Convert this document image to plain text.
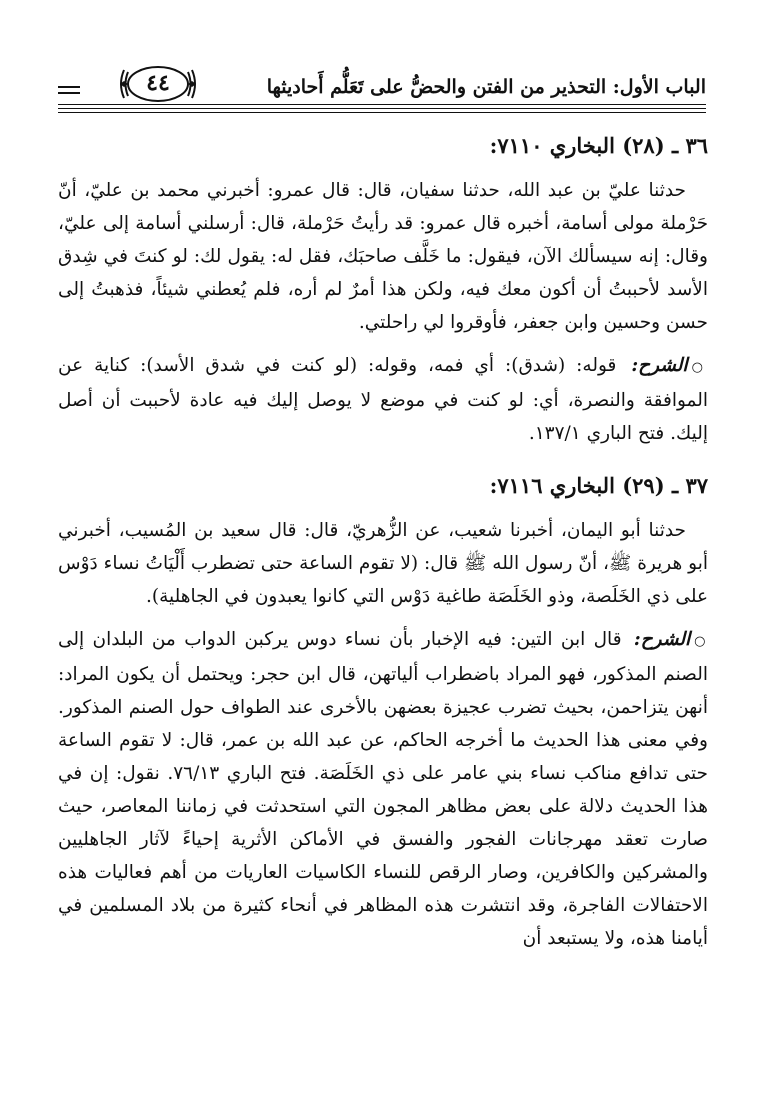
الباب الأول: التحذير من الفتن والحضُّ على تَعَلُّم أَحاديثها
٤٤
٣٦ ـ (٢٨) البخاري ٧١١٠:

حدثنا عليّ بن عبد الله، حدثنا سفيان، قال: قال عمرو: أخبرني محمد بن عليّ، أنّ حَرْملة مولى أسامة، أخبره قال عمرو: قد رأيتُ حَرْملة، قال: أرسلني أسامة إلى عليّ، وقال: إنه سيسألك الآن، فيقول: ما خَلَّف صاحبَك، فقل له: يقول لك: لو كنتَ في شِدق الأسد لأحببتُ أن أكون معك فيه، ولكن هذا أمرٌ لم أره، فلم يُعطني شيئاً، فذهبتُ إلى حسن وحسين وابن جعفر، فأوقروا لي راحلتي.

○الشرح: قوله: (شدق): أي فمه، وقوله: (لو كنت في شدق الأسد): كناية عن الموافقة والنصرة، أي: لو كنت في موضع لا يوصل إليك فيه عادة لأحببت أن أصل إليك. فتح الباري ١٣٧/١.

٣٧ ـ (٢٩) البخاري ٧١١٦:

حدثنا أبو اليمان، أخبرنا شعيب، عن الزُّهريّ، قال: قال سعيد بن المُسيب، أخبرني أبو هريرة ﷺ، أنّ رسول الله ﷺ قال: (لا تقوم الساعة حتى تضطرب أَلْيَاتُ نساء دَوْس على ذي الخَلَصة، وذو الخَلَصَة طاغية دَوْس التي كانوا يعبدون في الجاهلية).

○الشرح: قال ابن التين: فيه الإخبار بأن نساء دوس يركبن الدواب من البلدان إلى الصنم المذكور، فهو المراد باضطراب ألياتهن، قال ابن حجر: ويحتمل أن يكون المراد: أنهن يتزاحمن، بحيث تضرب عجيزة بعضهن بالأخرى عند الطواف حول الصنم المذكور. وفي معنى هذا الحديث ما أخرجه الحاكم، عن عبد الله بن عمر، قال: لا تقوم الساعة حتى تدافع مناكب نساء بني عامر على ذي الخَلَصَة. فتح الباري ٧٦/١٣. نقول: إن في هذا الحديث دلالة على بعض مظاهر المجون التي استحدثت في زماننا المعاصر، حيث صارت تعقد مهرجانات الفجور والفسق في الأماكن الأثرية إحياءً لآثار الجاهليين والمشركين والكافرين، وصار الرقص للنساء الكاسيات العاريات من أهم فعاليات هذه الاحتفالات الفاجرة، وقد انتشرت هذه المظاهر في أنحاء كثيرة من بلاد المسلمين في أيامنا هذه، ولا يستبعد أن
